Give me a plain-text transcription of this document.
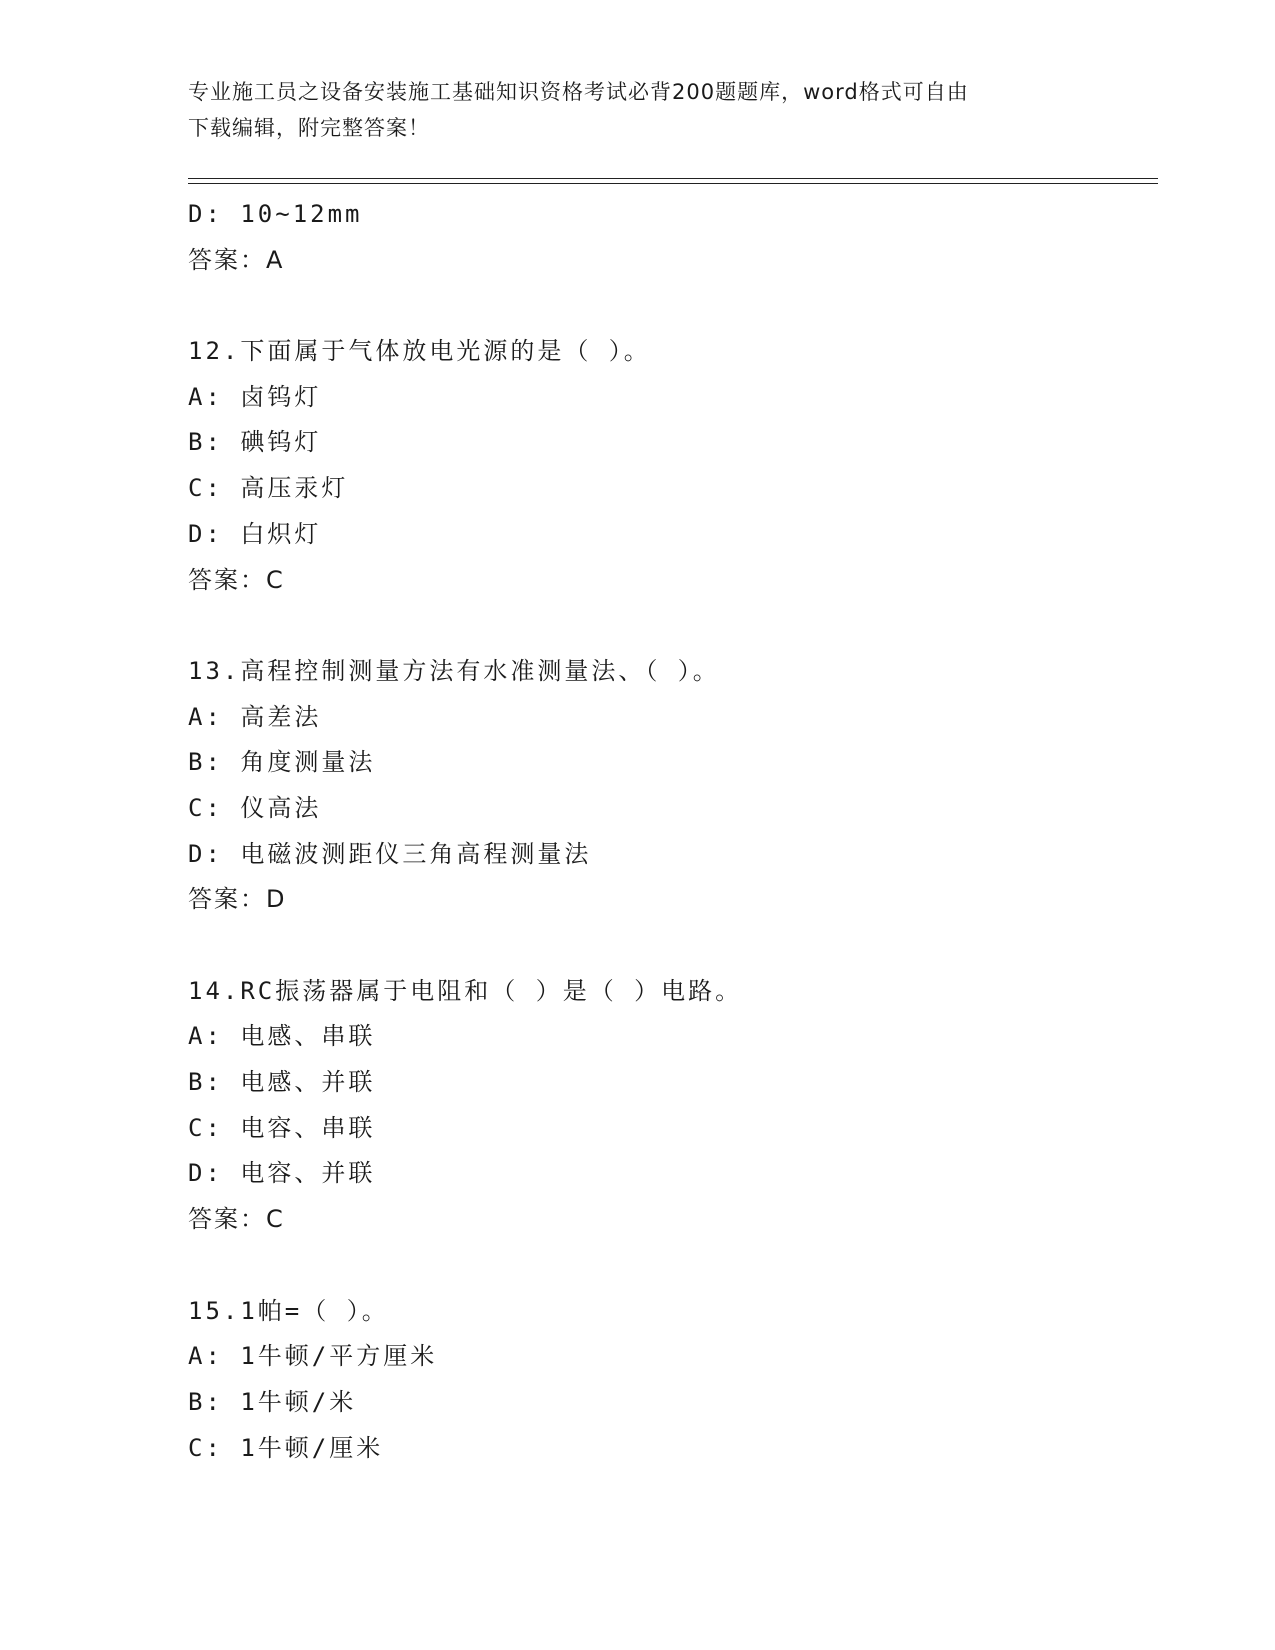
专业施工员之设备安装施工基础知识资格考试必背200题题库，word格式可自由
下载编辑，附完整答案！
D: 10~12mm
答案：A
12.下面属于气体放电光源的是（ ）。
A: 卤钨灯
B: 碘钨灯
C: 高压汞灯
D: 白炽灯
答案：C
13.高程控制测量方法有水准测量法、（ ）。
A: 高差法
B: 角度测量法
C: 仪高法
D: 电磁波测距仪三角高程测量法
答案：D
14.RC振荡器属于电阻和（ ）是（ ）电路。
A: 电感、串联
B: 电感、并联
C: 电容、串联
D: 电容、并联
答案：C
15.1帕=（ ）。
A: 1牛顿/平方厘米
B: 1牛顿/米
C: 1牛顿/厘米
